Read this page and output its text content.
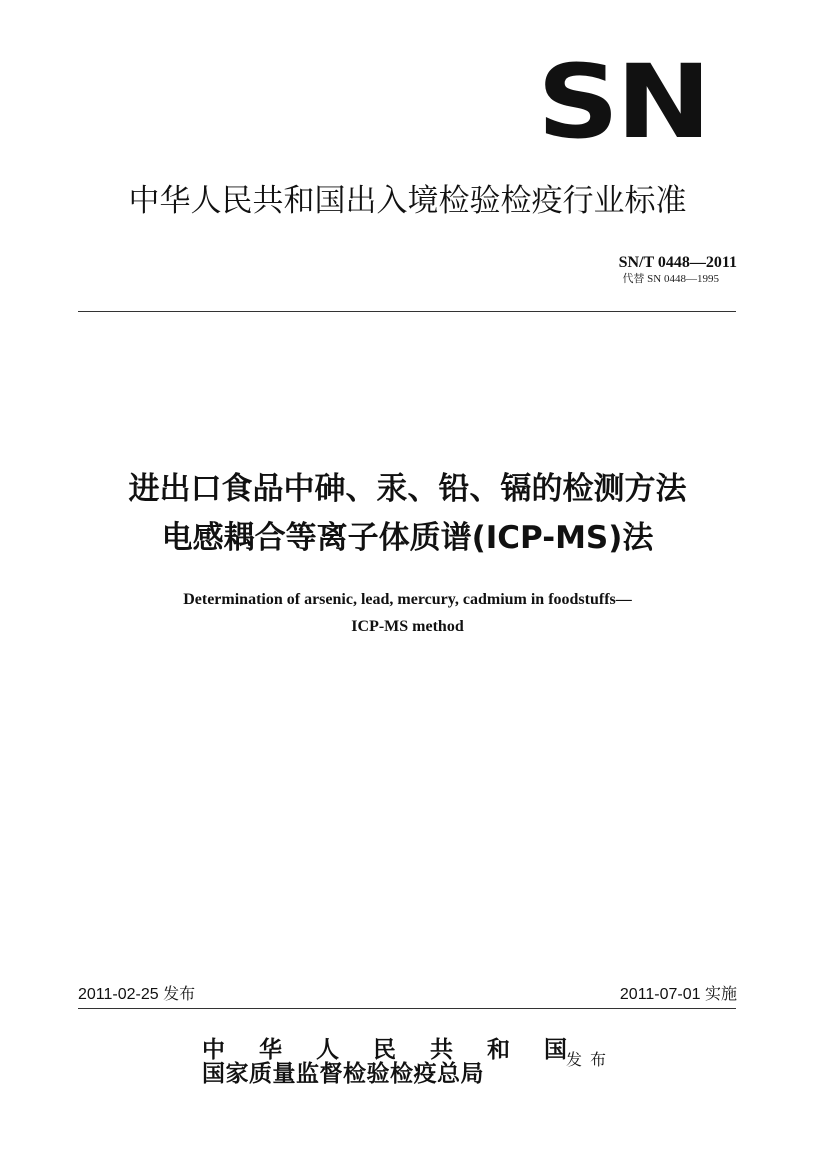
SN
中华人民共和国出入境检验检疫行业标准
SN/T 0448—2011
代替 SN 0448—1995
进出口食品中砷、汞、铅、镉的检测方法
电感耦合等离子体质谱(ICP-MS)法
Determination of arsenic, lead, mercury, cadmium in foodstuffs—
ICP-MS method
2011-02-25 发布	2011-07-01 实施
中 华 人 民 共 和 国
国家质量监督检验检疫总局
发布
